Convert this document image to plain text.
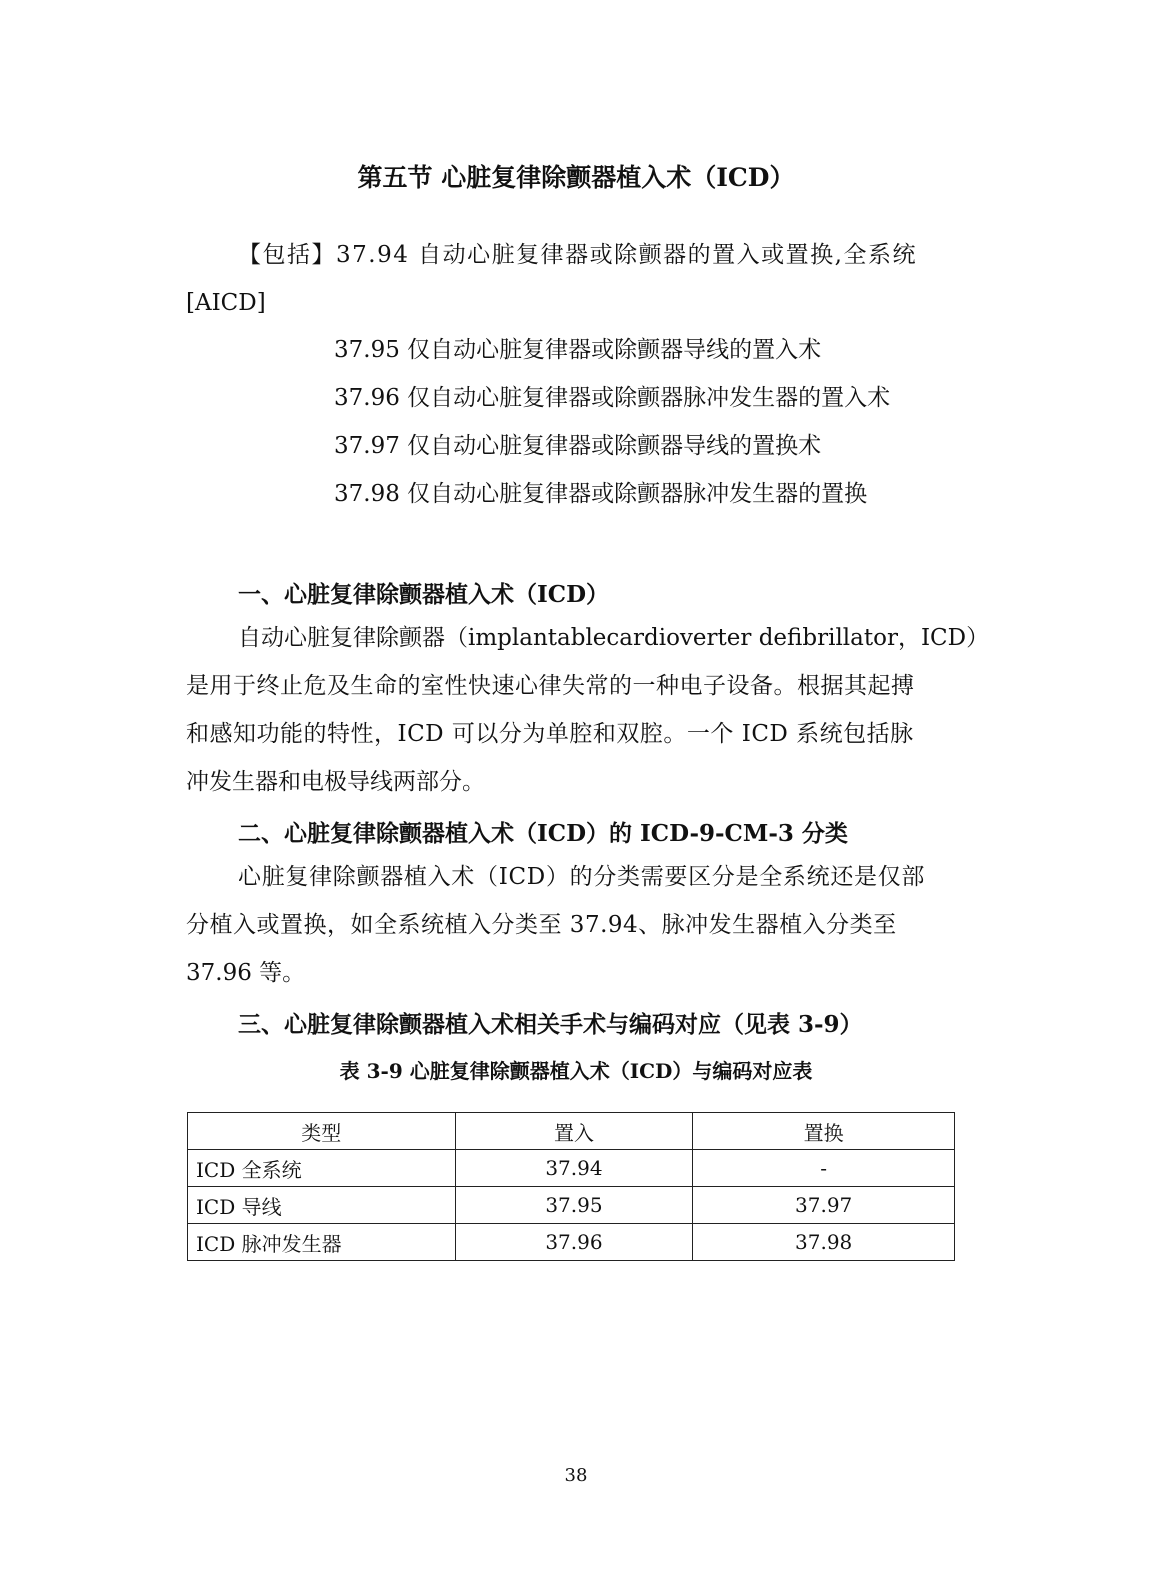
第五节 心脏复律除颤器植入术（ICD）
【包括】37.94 自动心脏复律器或除颤器的置入或置换,全系统
[AICD]
37.95 仅自动心脏复律器或除颤器导线的置入术
37.96 仅自动心脏复律器或除颤器脉冲发生器的置入术
37.97 仅自动心脏复律器或除颤器导线的置换术
37.98 仅自动心脏复律器或除颤器脉冲发生器的置换
一、心脏复律除颤器植入术（ICD）
自动心脏复律除颤器（implantablecardioverter defibrillator，ICD）
是用于终止危及生命的室性快速心律失常的一种电子设备。根据其起搏
和感知功能的特性，ICD 可以分为单腔和双腔。一个 ICD 系统包括脉
冲发生器和电极导线两部分。
二、心脏复律除颤器植入术（ICD）的 ICD-9-CM-3 分类
心脏复律除颤器植入术（ICD）的分类需要区分是全系统还是仅部
分植入或置换，如全系统植入分类至 37.94、脉冲发生器植入分类至
37.96 等。
三、心脏复律除颤器植入术相关手术与编码对应（见表 3-9）
表 3-9 心脏复律除颤器植入术（ICD）与编码对应表
类型	置入	置换
ICD 全系统	37.94	-
ICD 导线	37.95	37.97
ICD 脉冲发生器	37.96	37.98
38
